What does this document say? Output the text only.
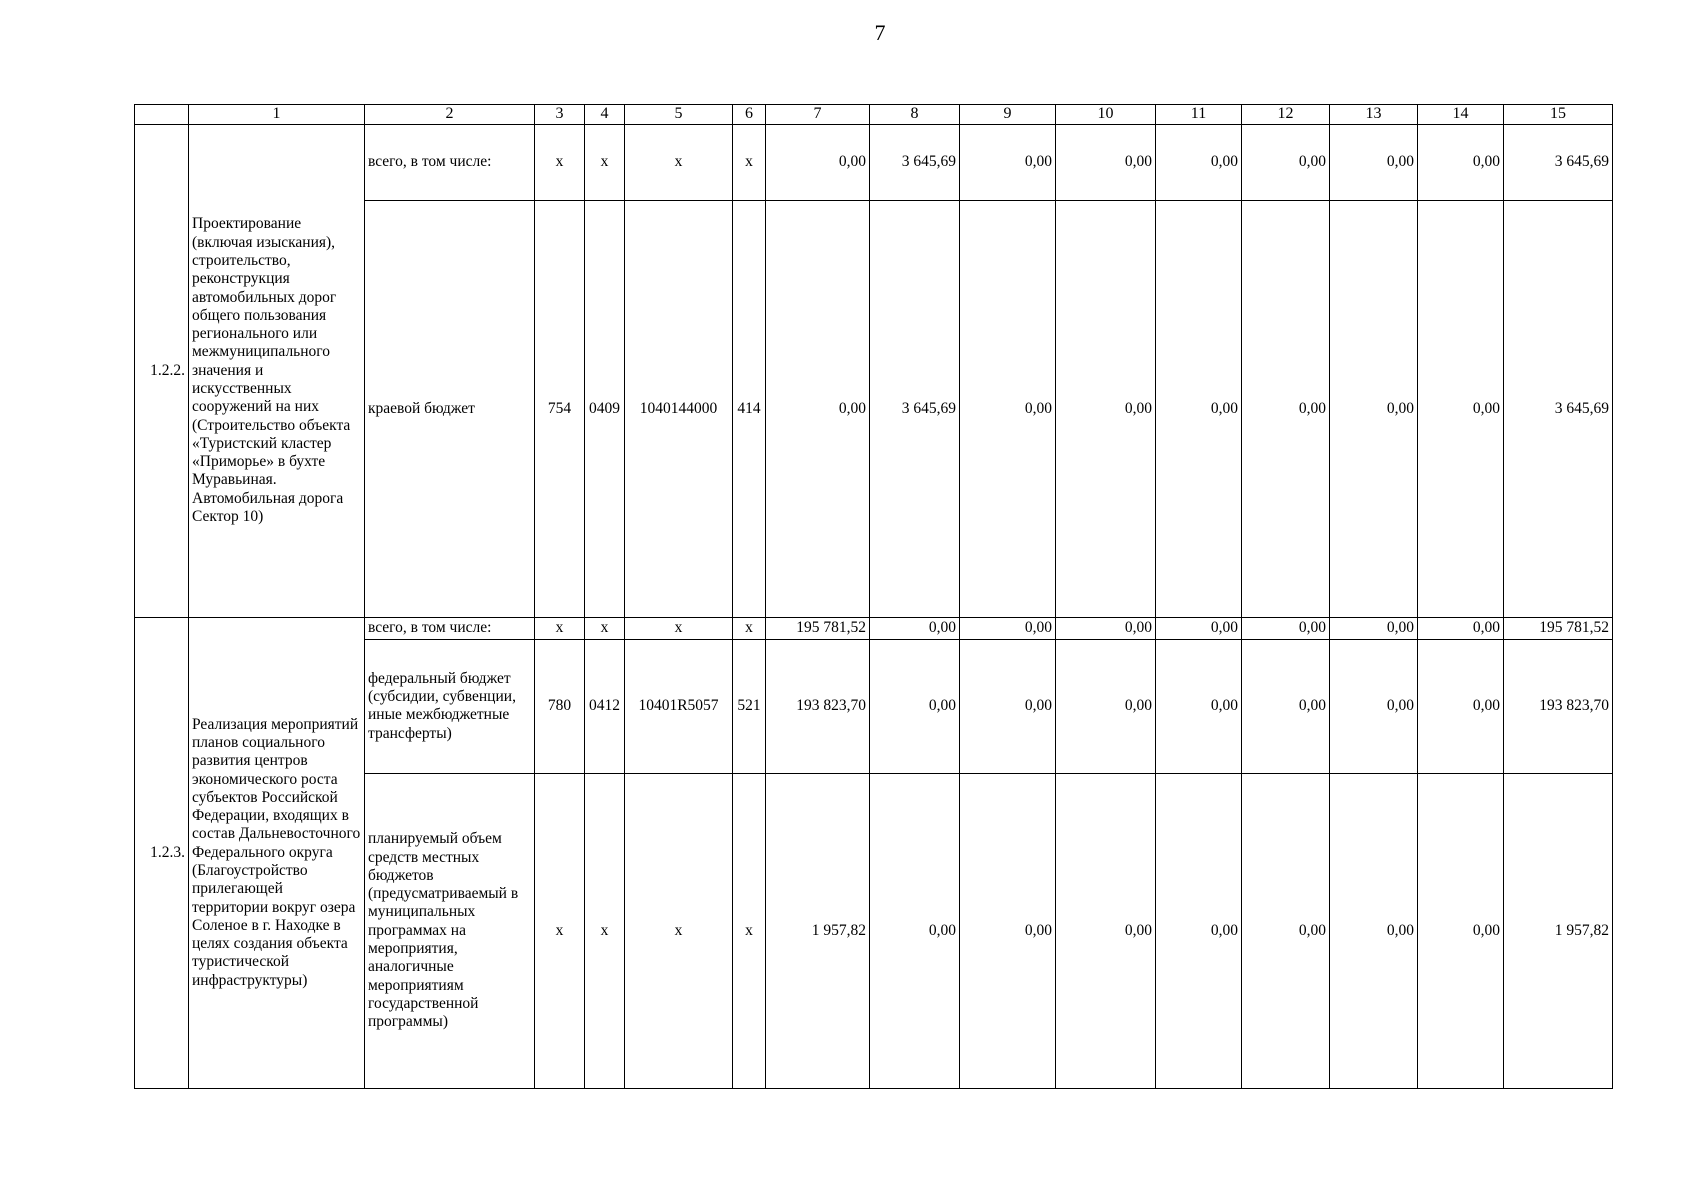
7
	1	2	3	4	5	6	7	8	9	10	11	12	13	14	15
1.2.2.	Проектирование (включая изыскания), строительство, реконструкция автомобильных дорог общего пользования регионального или межмуниципального значения и искусственных сооружений на них (Строительство объекта «Туристский кластер «Приморье» в бухте Муравьиная. Автомобильная дорога Сектор 10)	всего, в том числе:	х	х	х	х	0,00	3 645,69	0,00	0,00	0,00	0,00	0,00	0,00	3 645,69
		краевой бюджет	754	0409	1040144000	414	0,00	3 645,69	0,00	0,00	0,00	0,00	0,00	0,00	3 645,69
1.2.3.	Реализация мероприятий планов социального развития центров экономического роста субъектов Российской Федерации, входящих в состав Дальневосточного Федерального округа (Благоустройство прилегающей территории вокруг озера Соленое в г. Находке в целях создания объекта туристической инфраструктуры)	всего, в том числе:	х	х	х	х	195 781,52	0,00	0,00	0,00	0,00	0,00	0,00	0,00	195 781,52
		федеральный бюджет (субсидии, субвенции, иные межбюджетные трансферты)	780	0412	10401R5057	521	193 823,70	0,00	0,00	0,00	0,00	0,00	0,00	0,00	193 823,70
		планируемый объем средств местных бюджетов (предусматриваемый в муниципальных программах на мероприятия, аналогичные мероприятиям государственной программы)	х	х	х	х	1 957,82	0,00	0,00	0,00	0,00	0,00	0,00	0,00	1 957,82
